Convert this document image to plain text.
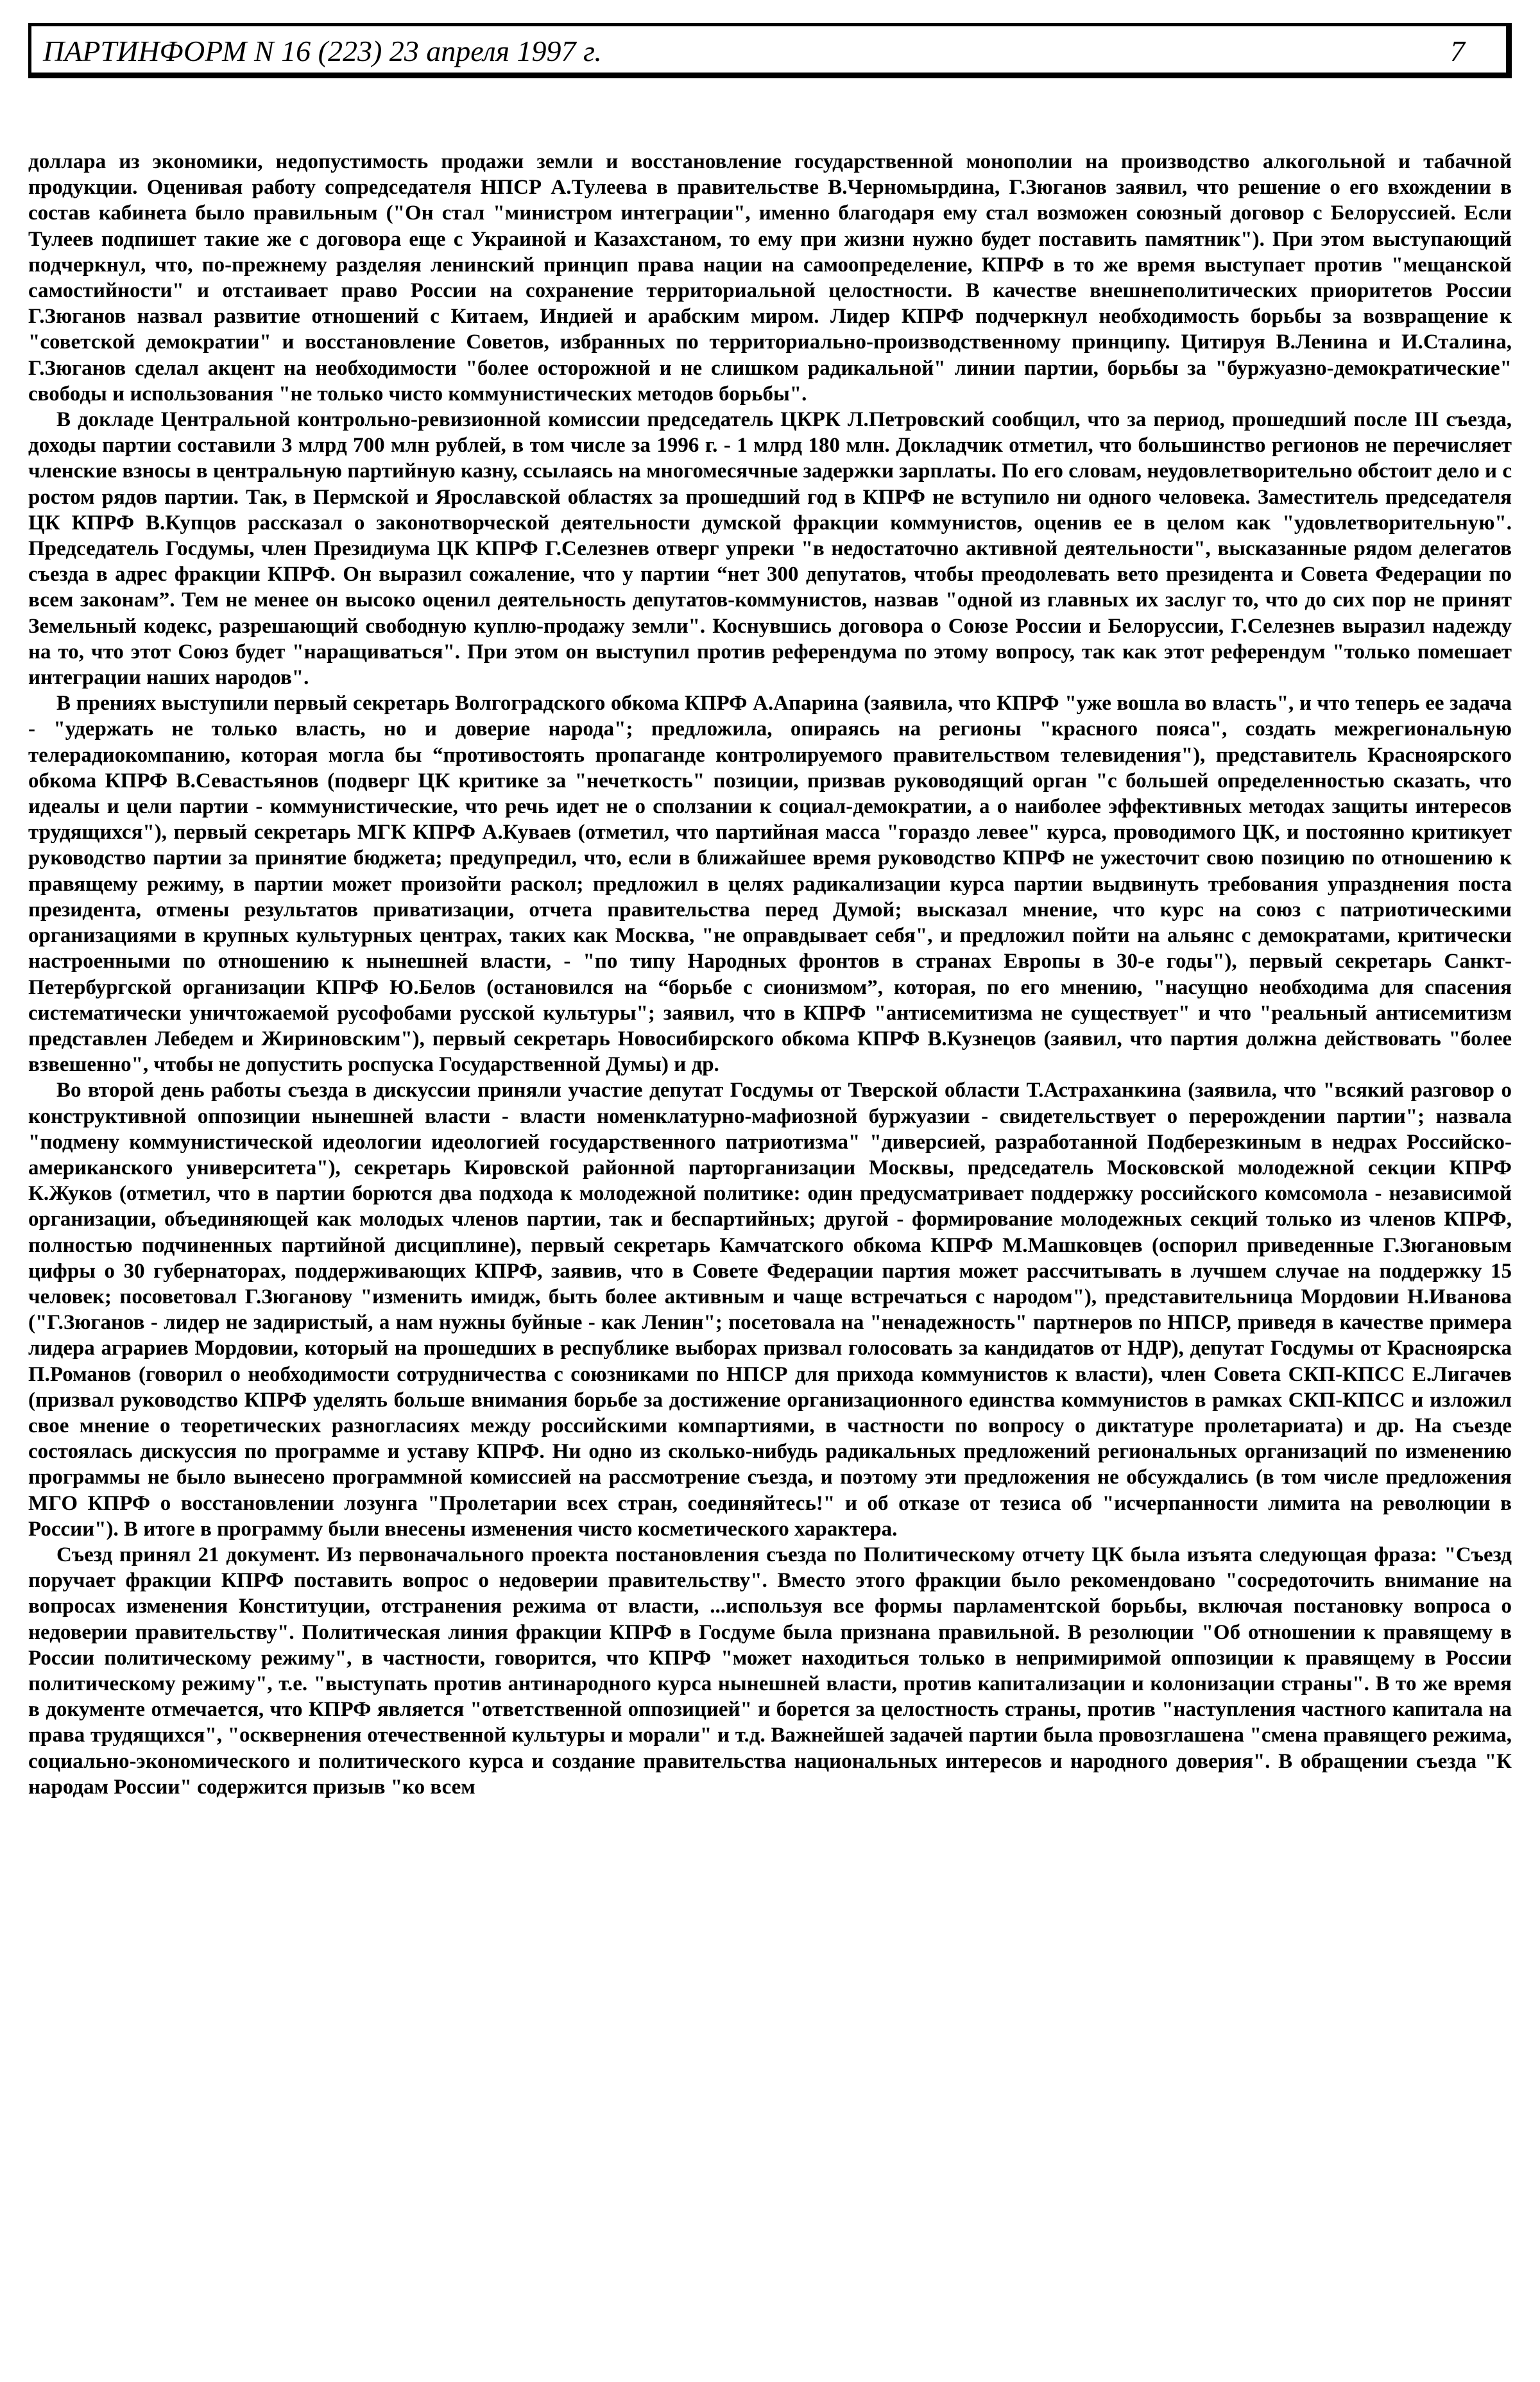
ПАРТИНФОРМ N 16 (223) 23 апреля 1997 г.	7

доллара из экономики, недопустимость продажи земли и восстановление государственной монополии на производство алкогольной и табачной продукции. Оценивая работу сопредседателя НПСР А.Тулеева в правительстве В.Черномырдина, Г.Зюганов заявил, что решение о его вхождении в состав кабинета было правильным ("Он стал "министром интеграции", именно благодаря ему стал возможен союзный договор с Белоруссией. Если Тулеев подпишет такие же с договора еще с Украиной и Казахстаном, то ему при жизни нужно будет поставить памятник"). При этом выступающий подчеркнул, что, по-прежнему разделяя ленинский принцип права нации на самоопределение, КПРФ в то же время выступает против "мещанской самостийности" и отстаивает право России на сохранение территориальной целостности. В качестве внешнеполитических приоритетов России Г.Зюганов назвал развитие отношений с Китаем, Индией и арабским миром. Лидер КПРФ подчеркнул необходимость борьбы за возвращение к "советской демократии" и восстановление Советов, избранных по территориально-производственному принципу. Цитируя В.Ленина и И.Сталина, Г.Зюганов сделал акцент на необходимости "более осторожной и не слишком радикальной" линии партии, борьбы за "буржуазно-демократические" свободы и использования "не только чисто коммунистических методов борьбы".

В докладе Центральной контрольно-ревизионной комиссии председатель ЦКРК Л.Петровский сообщил, что за период, прошедший после III съезда, доходы партии составили 3 млрд 700 млн рублей, в том числе за 1996 г. - 1 млрд 180 млн. Докладчик отметил, что большинство регионов не перечисляет членские взносы в центральную партийную казну, ссылаясь на многомесячные задержки зарплаты. По его словам, неудовлетворительно обстоит дело и с ростом рядов партии. Так, в Пермской и Ярославской областях за прошедший год в КПРФ не вступило ни одного человека. Заместитель председателя ЦК КПРФ В.Купцов рассказал о законотворческой деятельности думской фракции коммунистов, оценив ее в целом как "удовлетворительную". Председатель Госдумы, член Президиума ЦК КПРФ Г.Селезнев отверг упреки "в недостаточно активной деятельности", высказанные рядом делегатов съезда в адрес фракции КПРФ. Он выразил сожаление, что у партии “нет 300 депутатов, чтобы преодолевать вето президента и Совета Федерации по всем законам”. Тем не менее он высоко оценил деятельность депутатов-коммунистов, назвав "одной из главных их заслуг то, что до сих пор не принят Земельный кодекс, разрешающий свободную куплю-продажу земли". Коснувшись договора о Союзе России и Белоруссии, Г.Селезнев выразил надежду на то, что этот Союз будет "наращиваться". При этом он выступил против референдума по этому вопросу, так как этот референдум "только помешает интеграции наших народов".

В прениях выступили первый секретарь Волгоградского обкома КПРФ А.Апарина (заявила, что КПРФ "уже вошла во власть", и что теперь ее задача - "удержать не только власть, но и доверие народа"; предложила, опираясь на регионы "красного пояса", создать межрегиональную телерадиокомпанию, которая могла бы “противостоять пропаганде контролируемого правительством телевидения"), представитель Красноярского обкома КПРФ В.Севастьянов (подверг ЦК критике за "нечеткость" позиции, призвав руководящий орган "с большей определенностью сказать, что идеалы и цели партии - коммунистические, что речь идет не о сползании к социал-демократии, а о наиболее эффективных методах защиты интересов трудящихся"), первый секретарь МГК КПРФ А.Куваев (отметил, что партийная масса "гораздо левее" курса, проводимого ЦК, и постоянно критикует руководство партии за принятие бюджета; предупредил, что, если в ближайшее время руководство КПРФ не ужесточит свою позицию по отношению к правящему режиму, в партии может произойти раскол; предложил в целях радикализации курса партии выдвинуть требования упразднения поста президента, отмены результатов приватизации, отчета правительства перед Думой; высказал мнение, что курс на союз с патриотическими организациями в крупных культурных центрах, таких как Москва, "не оправдывает себя", и предложил пойти на альянс с демократами, критически настроенными по отношению к нынешней власти, - "по типу Народных фронтов в странах Европы в 30-е годы"), первый секретарь Санкт-Петербургской организации КПРФ Ю.Белов (остановился на “борьбе с сионизмом”, которая, по его мнению, "насущно необходима для спасения систематически уничтожаемой русофобами русской культуры"; заявил, что в КПРФ "антисемитизма не существует" и что "реальный антисемитизм представлен Лебедем и Жириновским"), первый секретарь Новосибирского обкома КПРФ В.Кузнецов (заявил, что партия должна действовать "более взвешенно", чтобы не допустить роспуска Государственной Думы) и др.

Во второй день работы съезда в дискуссии приняли участие депутат Госдумы от Тверской области Т.Астраханкина (заявила, что "всякий разговор о конструктивной оппозиции нынешней власти - власти номенклатурно-мафиозной буржуазии - свидетельствует о перерождении партии"; назвала "подмену коммунистической идеологии идеологией государственного патриотизма" "диверсией, разработанной Подберезкиным в недрах Российско-американского университета"), секретарь Кировской районной парторганизации Москвы, председатель Московской молодежной секции КПРФ К.Жуков (отметил, что в партии борются два подхода к молодежной политике: один предусматривает поддержку российского комсомола - независимой организации, объединяющей как молодых членов партии, так и беспартийных; другой - формирование молодежных секций только из членов КПРФ, полностью подчиненных партийной дисциплине), первый секретарь Камчатского обкома КПРФ М.Машковцев (оспорил приведенные Г.Зюгановым цифры о 30 губернаторах, поддерживающих КПРФ, заявив, что в Совете Федерации партия может рассчитывать в лучшем случае на поддержку 15 человек; посоветовал Г.Зюганову "изменить имидж, быть более активным и чаще встречаться с народом"), представительница Мордовии Н.Иванова ("Г.Зюганов - лидер не задиристый, а нам нужны буйные - как Ленин"; посетовала на "ненадежность" партнеров по НПСР, приведя в качестве примера лидера аграриев Мордовии, который на прошедших в республике выборах призвал голосовать за кандидатов от НДР), депутат Госдумы от Красноярска П.Романов (говорил о необходимости сотрудничества с союзниками по НПСР для прихода коммунистов к власти), член Совета СКП-КПСС Е.Лигачев (призвал руководство КПРФ уделять больше внимания борьбе за достижение организационного единства коммунистов в рамках СКП-КПСС и изложил свое мнение о теоретических разногласиях между российскими компартиями, в частности по вопросу о диктатуре пролетариата) и др. На съезде состоялась дискуссия по программе и уставу КПРФ. Ни одно из сколько-нибудь радикальных предложений региональных организаций по изменению программы не было вынесено программной комиссией на рассмотрение съезда, и поэтому эти предложения не обсуждались (в том числе предложения МГО КПРФ о восстановлении лозунга "Пролетарии всех стран, соединяйтесь!" и об отказе от тезиса об "исчерпанности лимита на революции в России"). В итоге в программу были внесены изменения чисто косметического характера.

Съезд принял 21 документ. Из первоначального проекта постановления съезда по Политическому отчету ЦК была изъята следующая фраза: "Съезд поручает фракции КПРФ поставить вопрос о недоверии правительству". Вместо этого фракции было рекомендовано "сосредоточить внимание на вопросах изменения Конституции, отстранения режима от власти, ...используя все формы парламентской борьбы, включая постановку вопроса о недоверии правительству". Политическая линия фракции КПРФ в Госдуме была признана правильной. В резолюции "Об отношении к правящему в России политическому режиму", в частности, говорится, что КПРФ "может находиться только в непримиримой оппозиции к правящему в России политическому режиму", т.е. "выступать против антинародного курса нынешней власти, против капитализации и колонизации страны". В то же время в документе отмечается, что КПРФ является "ответственной оппозицией" и борется за целостность страны, против "наступления частного капитала на права трудящихся", "осквернения отечественной культуры и морали" и т.д. Важнейшей задачей партии была провозглашена "смена правящего режима, социально-экономического и политического курса и создание правительства национальных интересов и народного доверия". В обращении съезда "К народам России" содержится призыв "ко всем
